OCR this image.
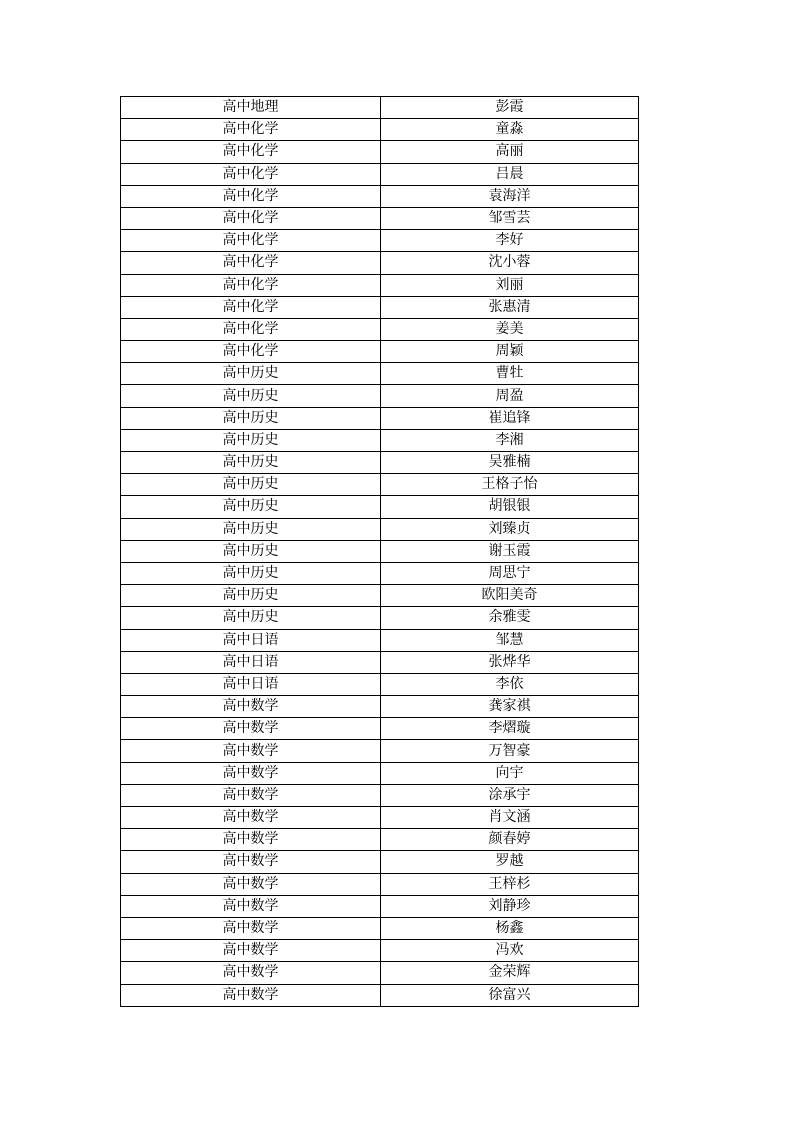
高中地理	彭霞
高中化学	童淼
高中化学	高丽
高中化学	吕晨
高中化学	袁海洋
高中化学	邹雪芸
高中化学	李好
高中化学	沈小蓉
高中化学	刘丽
高中化学	张惠清
高中化学	姜美
高中化学	周颖
高中历史	曹牡
高中历史	周盈
高中历史	崔追锋
高中历史	李湘
高中历史	吴雅楠
高中历史	王格子怡
高中历史	胡银银
高中历史	刘臻贞
高中历史	谢玉霞
高中历史	周思宁
高中历史	欧阳美奇
高中历史	余雅雯
高中日语	邹慧
高中日语	张烨华
高中日语	李依
高中数学	龚家祺
高中数学	李熠璇
高中数学	万智豪
高中数学	向宇
高中数学	涂承宇
高中数学	肖文涵
高中数学	颜春婷
高中数学	罗越
高中数学	王梓杉
高中数学	刘静珍
高中数学	杨鑫
高中数学	冯欢
高中数学	金荣辉
高中数学	徐富兴
